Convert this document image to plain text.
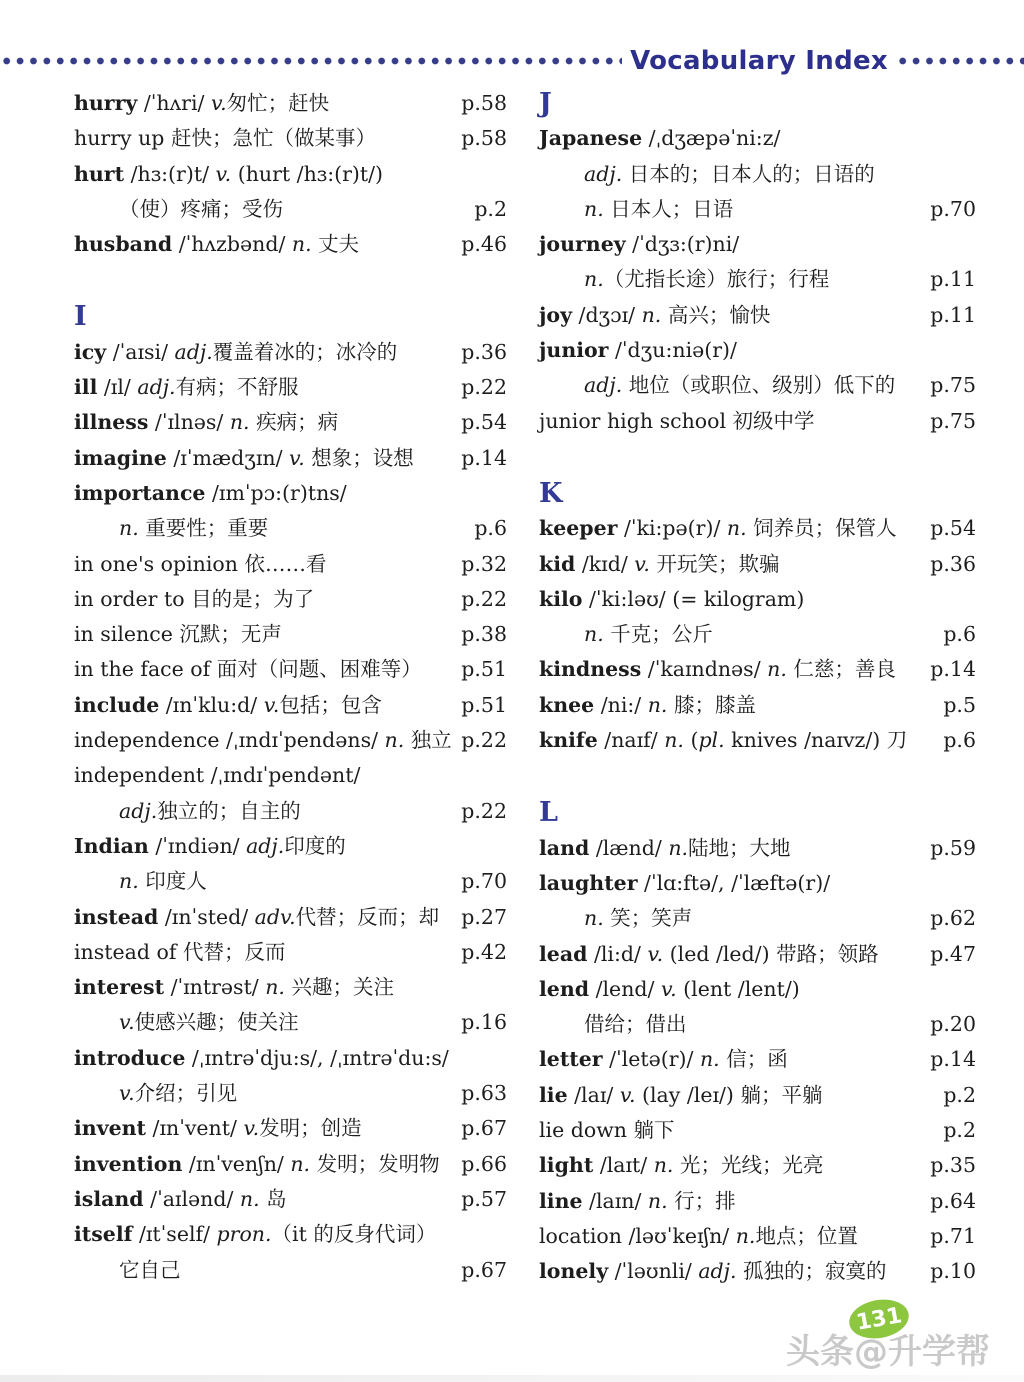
Vocabulary Index
hurry /ˈhʌri/ v.匆忙；赶快	p.58
hurry up 赶快；急忙（做某事）	p.58
hurt /hɜ:(r)t/ v. (hurt /hɜ:(r)t/)
（使）疼痛；受伤	p.2
husband /ˈhʌzbənd/ n. 丈夫	p.46
I
icy /ˈaɪsi/ adj.覆盖着冰的；冰冷的	p.36
ill /ɪl/ adj.有病；不舒服	p.22
illness /ˈɪlnəs/ n. 疾病；病	p.54
imagine /ɪˈmædʒɪn/ v. 想象；设想	p.14
importance /ɪmˈpɔ:(r)tns/
n. 重要性；重要	p.6
in one's opinion 依……看	p.32
in order to 目的是；为了	p.22
in silence 沉默；无声	p.38
in the face of 面对（问题、困难等）	p.51
include /ɪnˈklu:d/ v.包括；包含	p.51
independence /ˌɪndɪˈpendəns/ n. 独立 p.22
independent /ˌɪndɪˈpendənt/
adj.独立的；自主的	p.22
Indian /ˈɪndiən/ adj.印度的
n. 印度人	p.70
instead /ɪnˈsted/ adv.代替；反而；却	p.27
instead of 代替；反而	p.42
interest /ˈɪntrəst/ n. 兴趣；关注
v.使感兴趣；使关注	p.16
introduce /ˌɪntrəˈdju:s/, /ˌɪntrəˈdu:s/
v.介绍；引见	p.63
invent /ɪnˈvent/ v.发明；创造	p.67
invention /ɪnˈvenʃn/ n. 发明；发明物	p.66
island /ˈaɪlənd/ n. 岛	p.57
itself /ɪtˈself/ pron.（it 的反身代词）
它自己	p.67
J
Japanese /ˌdʒæpəˈni:z/
adj. 日本的；日本人的；日语的
n. 日本人；日语	p.70
journey /ˈdʒɜ:(r)ni/
n.（尤指长途）旅行；行程	p.11
joy /dʒɔɪ/ n. 高兴；愉快	p.11
junior /ˈdʒu:niə(r)/
adj. 地位（或职位、级别）低下的	p.75
junior high school 初级中学	p.75
K
keeper /ˈki:pə(r)/ n. 饲养员；保管人	p.54
kid /kɪd/ v. 开玩笑；欺骗	p.36
kilo /ˈki:ləʊ/ (= kilogram)
n. 千克；公斤	p.6
kindness /ˈkaɪndnəs/ n. 仁慈；善良	p.14
knee /ni:/ n. 膝；膝盖	p.5
knife /naɪf/ n. (pl. knives /naɪvz/) 刀	p.6
L
land /lænd/ n.陆地；大地	p.59
laughter /ˈlɑ:ftə/, /ˈlæftə(r)/
n. 笑；笑声	p.62
lead /li:d/ v. (led /led/) 带路；领路	p.47
lend /lend/ v. (lent /lent/)
借给；借出	p.20
letter /ˈletə(r)/ n. 信；函	p.14
lie /laɪ/ v. (lay /leɪ/) 躺；平躺	p.2
lie down 躺下	p.2
light /laɪt/ n. 光；光线；光亮	p.35
line /laɪn/ n. 行；排	p.64
location /ləʊˈkeɪʃn/ n.地点；位置	p.71
lonely /ˈləʊnli/ adj. 孤独的；寂寞的	p.10
131
头条@升学帮
